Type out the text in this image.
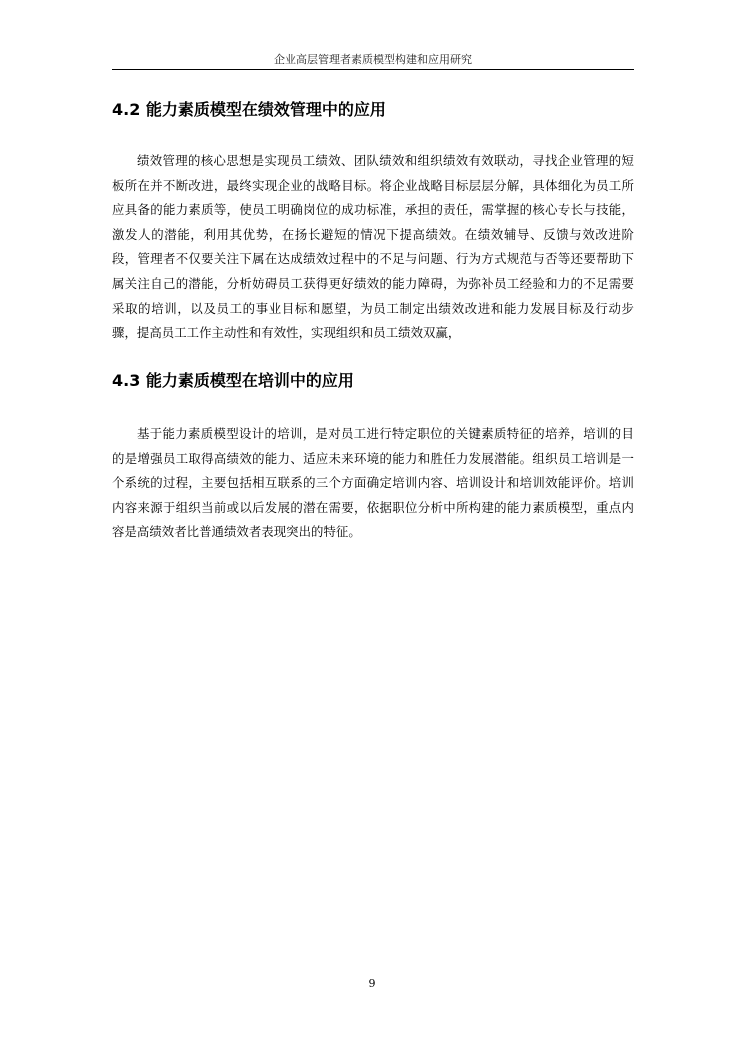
企业高层管理者素质模型构建和应用研究
4.2 能力素质模型在绩效管理中的应用

绩效管理的核心思想是实现员工绩效、团队绩效和组织绩效有效联动，寻找企业管理的短板所在并不断改进，最终实现企业的战略目标。将企业战略目标层层分解，具体细化为员工所应具备的能力素质等，使员工明确岗位的成功标准，承担的责任，需掌握的核心专长与技能，激发人的潜能，利用其优势，在扬长避短的情况下提高绩效。在绩效辅导、反馈与效改进阶段，管理者不仅要关注下属在达成绩效过程中的不足与问题、行为方式规范与否等还要帮助下属关注自己的潜能，分析妨碍员工获得更好绩效的能力障碍，为弥补员工经验和力的不足需要采取的培训，以及员工的事业目标和愿望，为员工制定出绩效改进和能力发展目标及行动步骤，提高员工工作主动性和有效性，实现组织和员工绩效双赢，

4.3 能力素质模型在培训中的应用

基于能力素质模型设计的培训，是对员工进行特定职位的关键素质特征的培养，培训的目的是增强员工取得高绩效的能力、适应未来环境的能力和胜任力发展潜能。组织员工培训是一个系统的过程，主要包括相互联系的三个方面确定培训内容、培训设计和培训效能评价。培训内容来源于组织当前或以后发展的潜在需要，依据职位分析中所构建的能力素质模型，重点内容是高绩效者比普通绩效者表现突出的特征。

9
